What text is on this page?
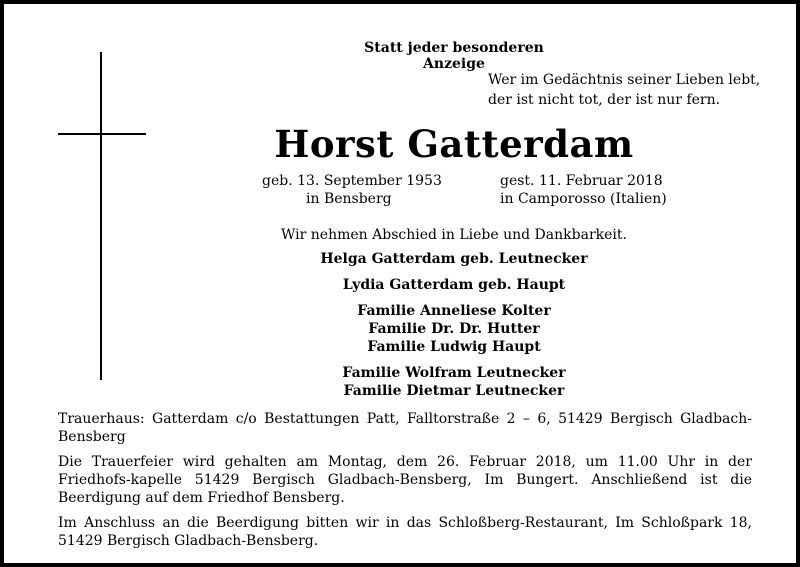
Statt jeder besonderen Anzeige
Wer im Gedächtnis seiner Lieben lebt,
der ist nicht tot, der ist nur fern.
Horst Gatterdam
geb. 13. September 1953
in Bensberg
gest. 11. Februar 2018
in Camporosso (Italien)
Wir nehmen Abschied in Liebe und Dankbarkeit.
Helga Gatterdam geb. Leutnecker
Lydia Gatterdam geb. Haupt
Familie Anneliese Kolter
Familie Dr. Dr. Hutter
Familie Ludwig Haupt
Familie Wolfram Leutnecker
Familie Dietmar Leutnecker

Trauerhaus: Gatterdam c/o Bestattungen Patt, Falltorstraße 2 – 6, 51429 Bergisch Gladbach-Bensberg

Die Trauerfeier wird gehalten am Montag, dem 26. Februar 2018, um 11.00 Uhr in der Friedhofs-kapelle 51429 Bergisch Gladbach-Bensberg, Im Bungert. Anschließend ist die Beerdigung auf dem Friedhof Bensberg.

Im Anschluss an die Beerdigung bitten wir in das Schloßberg-Restaurant, Im Schloßpark 18, 51429 Bergisch Gladbach-Bensberg.
